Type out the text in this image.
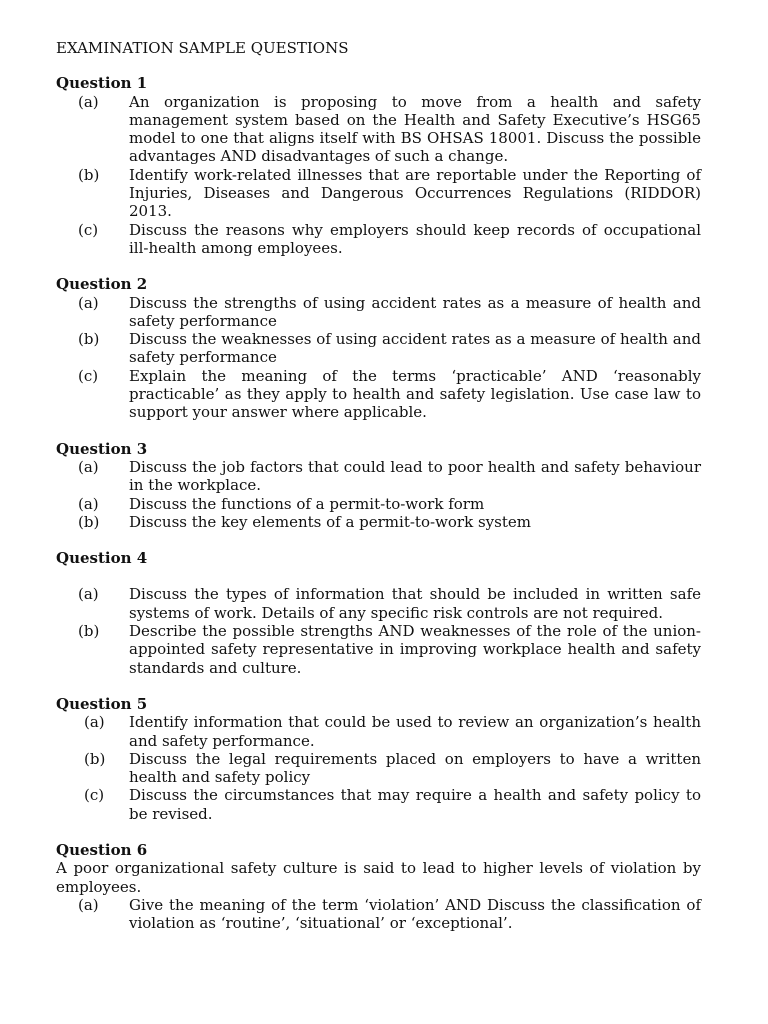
EXAMINATION SAMPLE QUESTIONS
Question 1
(a)	An organization is proposing to move from a health and safety management system based on the Health and Safety Executive’s HSG65 model to one that aligns itself with BS OHSAS 18001. Discuss the possible advantages AND disadvantages of such a change.
(b)	Identify work-related illnesses that are reportable under the Reporting of Injuries, Diseases and Dangerous Occurrences Regulations (RIDDOR) 2013.
(c)	Discuss the reasons why employers should keep records of occupational ill-health among employees.
Question 2
(a)	Discuss the strengths of using accident rates as a measure of health and safety performance
(b)	Discuss the weaknesses of using accident rates as a measure of health and safety performance
(c)	Explain the meaning of the terms ‘practicable’ AND ‘reasonably practicable’ as they apply to health and safety legislation. Use case law to support your answer where applicable.
Question 3
(a)	Discuss the job factors that could lead to poor health and safety behaviour in the workplace.
(a)	Discuss the functions of a permit-to-work form
(b)	Discuss the key elements of a permit-to-work system
Question 4
(a)	Discuss the types of information that should be included in written safe systems of work. Details of any specific risk controls are not required.
(b)	Describe the possible strengths AND weaknesses of the role of the union-appointed safety representative in improving workplace health and safety standards and culture.
Question 5
(a)	Identify information that could be used to review an organization’s health and safety performance.
(b)	Discuss the legal requirements placed on employers to have a written health and safety policy
(c)	Discuss the circumstances that may require a health and safety policy to be revised.
Question 6
A poor organizational safety culture is said to lead to higher levels of violation by employees.
(a)	Give the meaning of the term ‘violation’ AND Discuss the classification of violation as ‘routine’, ‘situational’ or ‘exceptional’.
